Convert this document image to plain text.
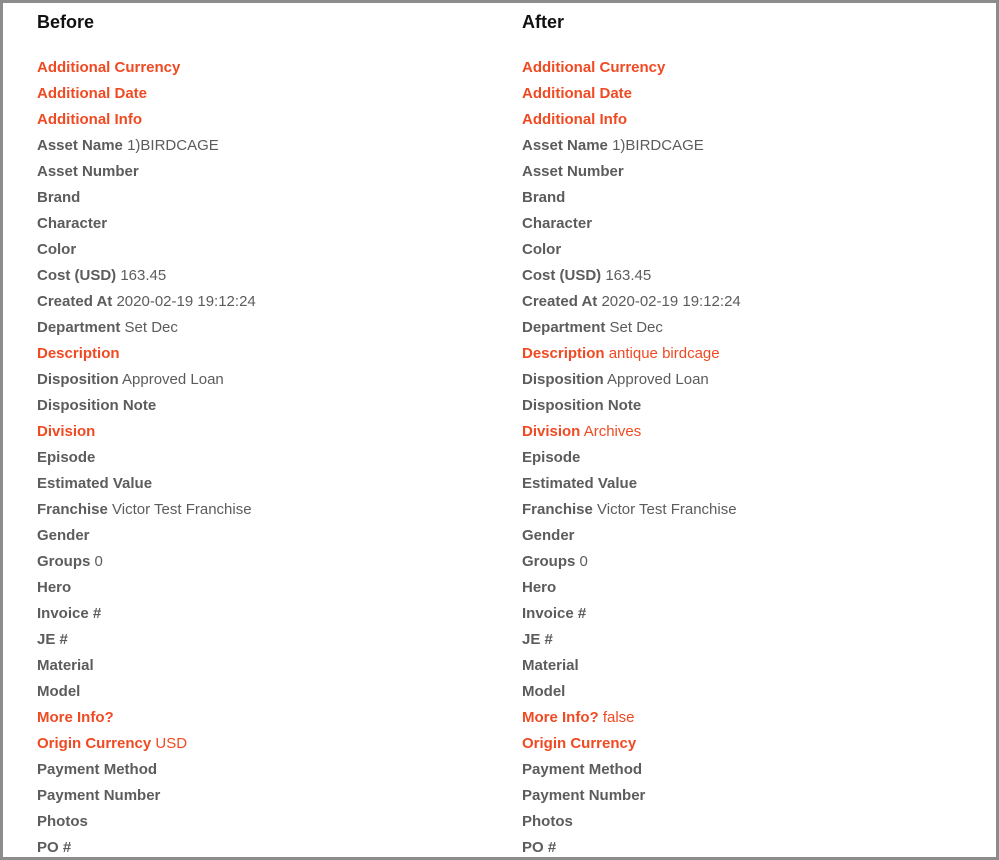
Before
Additional Currency
Additional Date
Additional Info
Asset Name 1)BIRDCAGE
Asset Number
Brand
Character
Color
Cost (USD) 163.45
Created At 2020-02-19 19:12:24
Department Set Dec
Description
Disposition Approved Loan
Disposition Note
Division
Episode
Estimated Value
Franchise Victor Test Franchise
Gender
Groups 0
Hero
Invoice #
JE #
Material
Model
More Info?
Origin Currency USD
Payment Method
Payment Number
Photos
PO #
After
Additional Currency
Additional Date
Additional Info
Asset Name 1)BIRDCAGE
Asset Number
Brand
Character
Color
Cost (USD) 163.45
Created At 2020-02-19 19:12:24
Department Set Dec
Description antique birdcage
Disposition Approved Loan
Disposition Note
Division Archives
Episode
Estimated Value
Franchise Victor Test Franchise
Gender
Groups 0
Hero
Invoice #
JE #
Material
Model
More Info? false
Origin Currency
Payment Method
Payment Number
Photos
PO #
